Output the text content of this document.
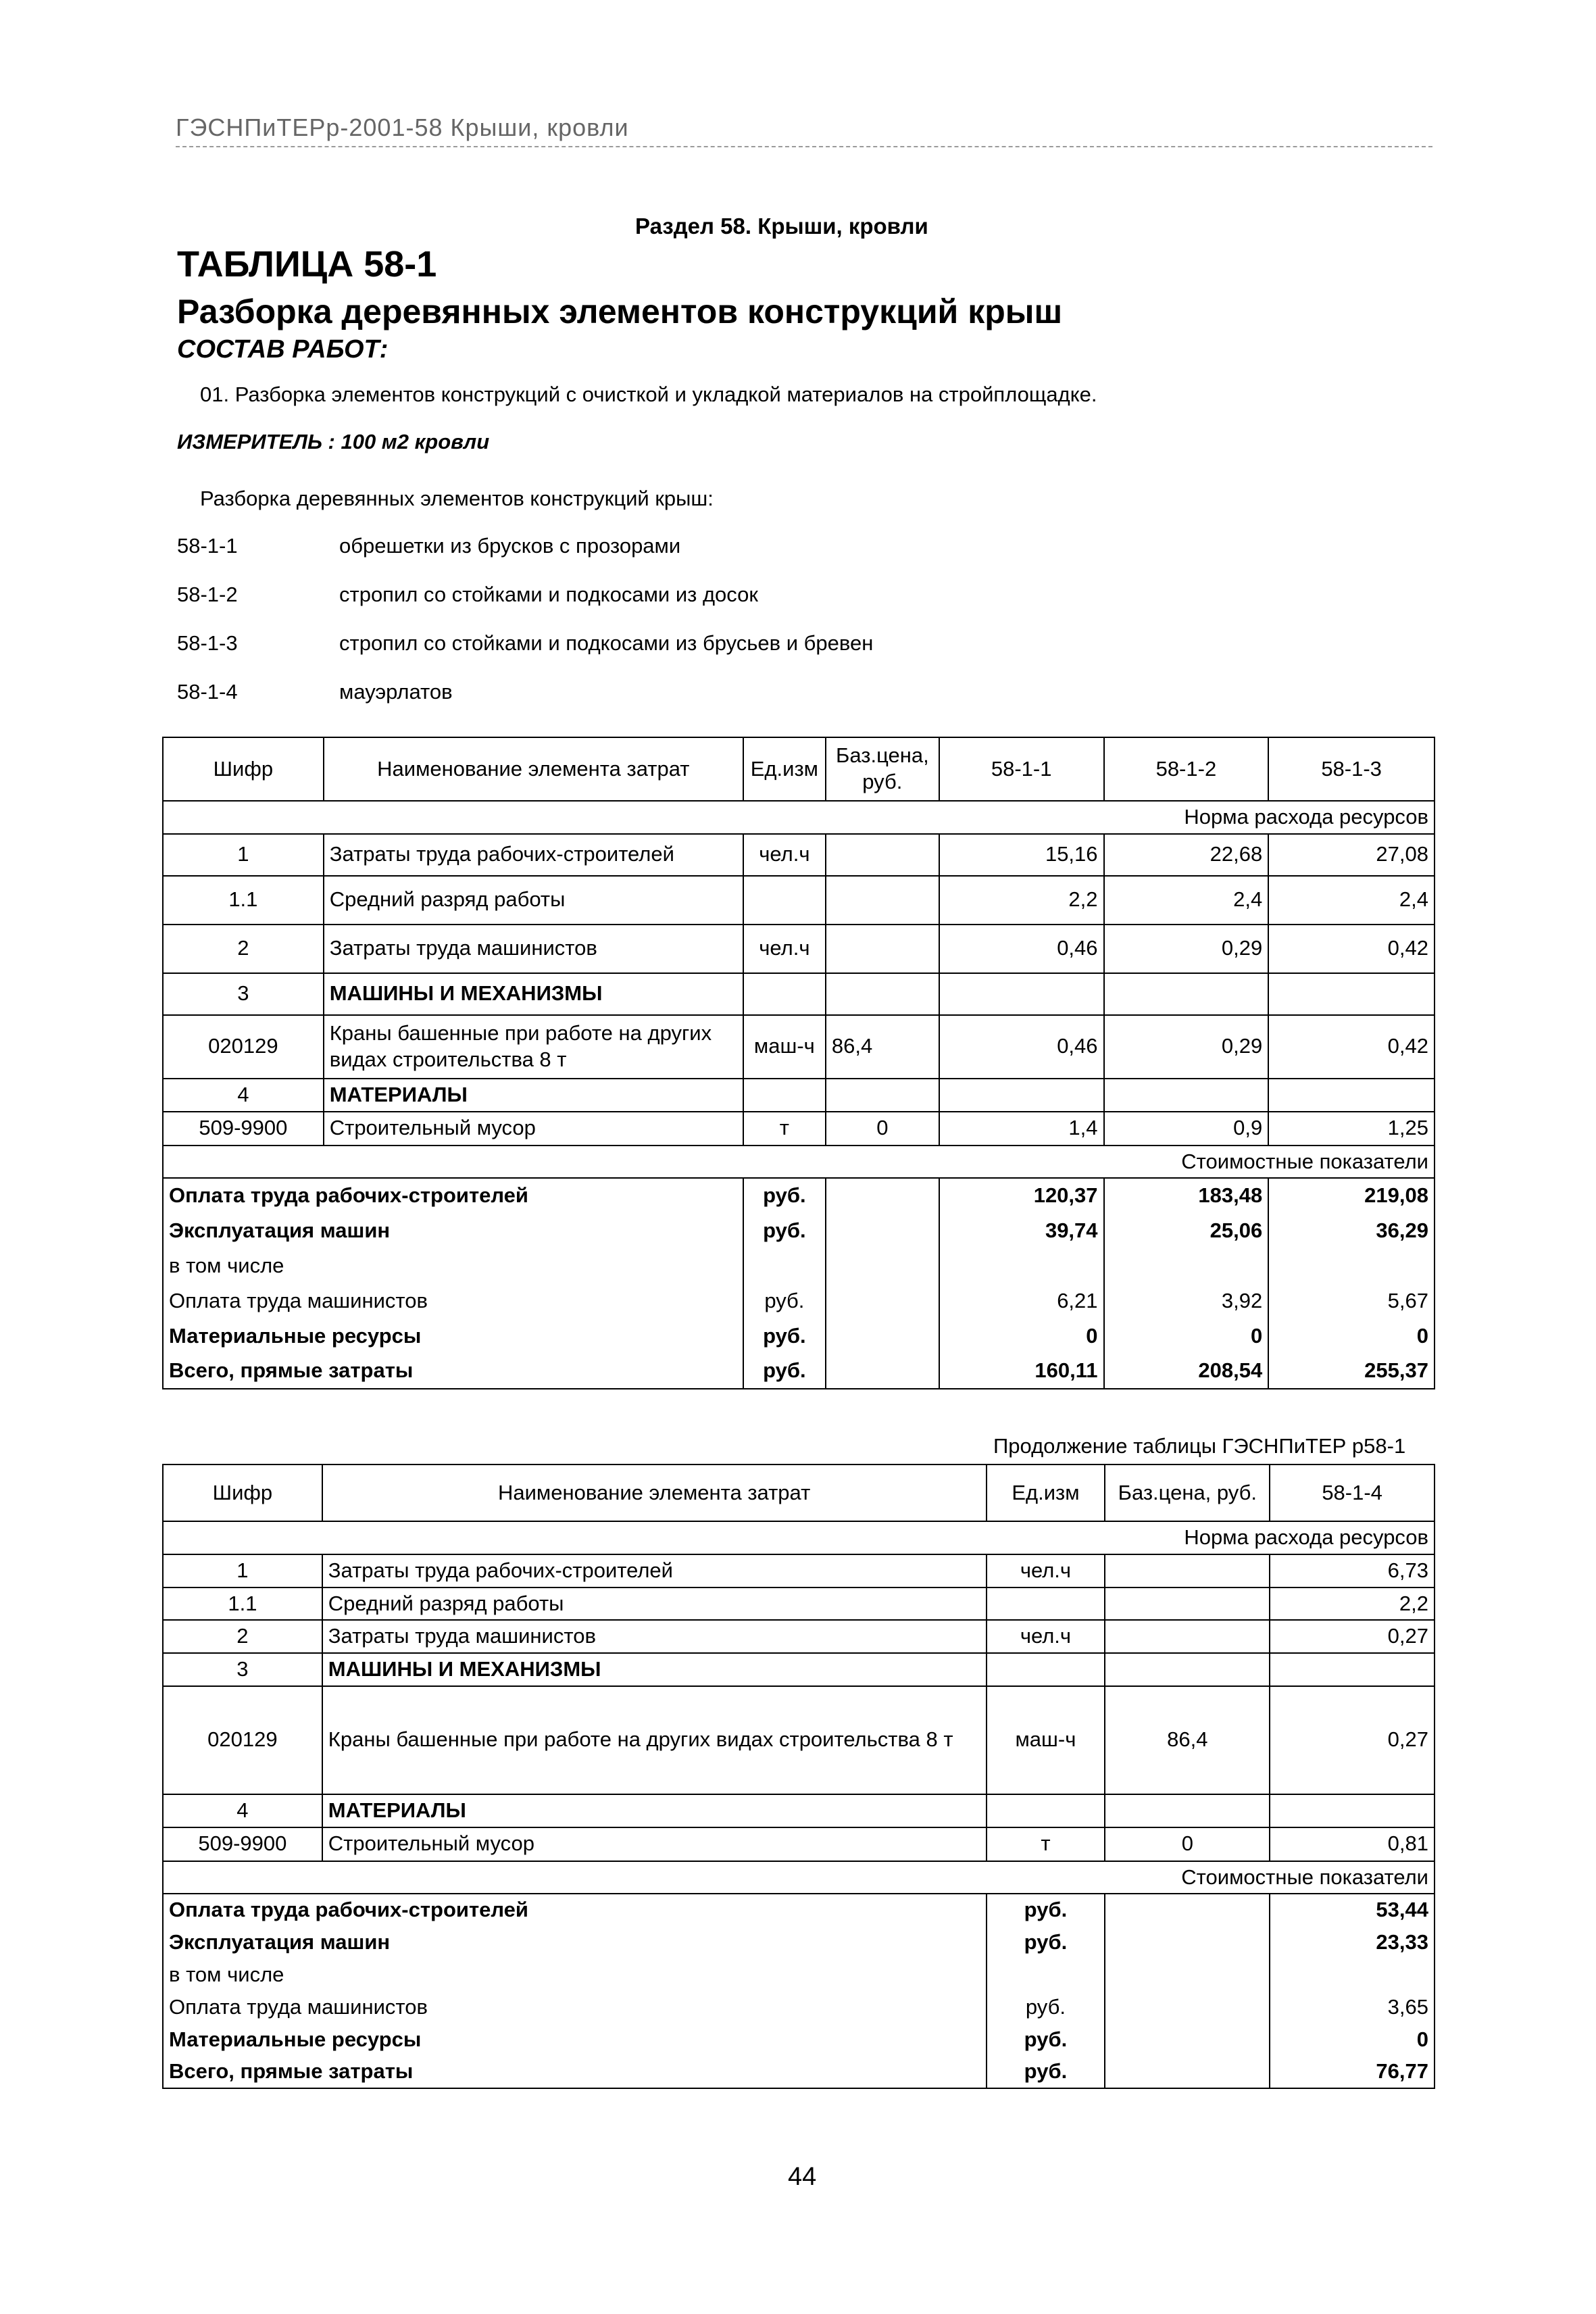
ГЭСНПиТЕРр-2001-58 Крыши, кровли
Раздел 58. Крыши, кровли
ТАБЛИЦА 58-1
Разборка деревянных элементов конструкций крыш
СОСТАВ РАБОТ:
01. Разборка элементов конструкций с очисткой и укладкой материалов на стройплощадке.
ИЗМЕРИТЕЛЬ : 100 м2 кровли
Разборка деревянных элементов конструкций крыш:
58-1-1	обрешетки из брусков с прозорами
58-1-2	стропил со стойками и подкосами из досок
58-1-3	стропил со стойками и подкосами из брусьев и бревен
58-1-4	мауэрлатов
Шифр	Наименование элемента затрат	Ед.изм	Баз.цена, руб.	58-1-1	58-1-2	58-1-3
Норма расхода ресурсов						
1	Затраты труда рабочих-строителей	чел.ч		15,16	22,68	27,08
1.1	Средний разряд работы			2,2	2,4	2,4
2	Затраты труда машинистов	чел.ч		0,46	0,29	0,42
3	МАШИНЫ И МЕХАНИЗМЫ					
020129	Краны башенные при работе на других видах строительства 8 т	маш-ч	86,4	0,46	0,29	0,42
4	МАТЕРИАЛЫ					
509-9900	Строительный мусор	т	0	1,4	0,9	1,25
Стоимостные показатели						
Оплата труда рабочих-строителей		руб.		120,37	183,48	219,08
Эксплуатация машин		руб.		39,74	25,06	36,29
в том числе						
Оплата труда машинистов		руб.		6,21	3,92	5,67
Материальные ресурсы		руб.		0	0	0
Всего, прямые затраты		руб.		160,11	208,54	255,37
Продолжение таблицы ГЭСНПиТЕР р58-1
Шифр	Наименование элемента затрат	Ед.изм	Баз.цена, руб.	58-1-4
Норма расхода ресурсов				
1	Затраты труда рабочих-строителей	чел.ч		6,73
1.1	Средний разряд работы			2,2
2	Затраты труда машинистов	чел.ч		0,27
3	МАШИНЫ И МЕХАНИЗМЫ			
020129	Краны башенные при работе на других видах строительства 8 т	маш-ч	86,4	0,27
4	МАТЕРИАЛЫ			
509-9900	Строительный мусор	т	0	0,81
Стоимостные показатели				
Оплата труда рабочих-строителей		руб.		53,44
Эксплуатация машин		руб.		23,33
в том числе				
Оплата труда машинистов		руб.		3,65
Материальные ресурсы		руб.		0
Всего, прямые затраты		руб.		76,77
44
